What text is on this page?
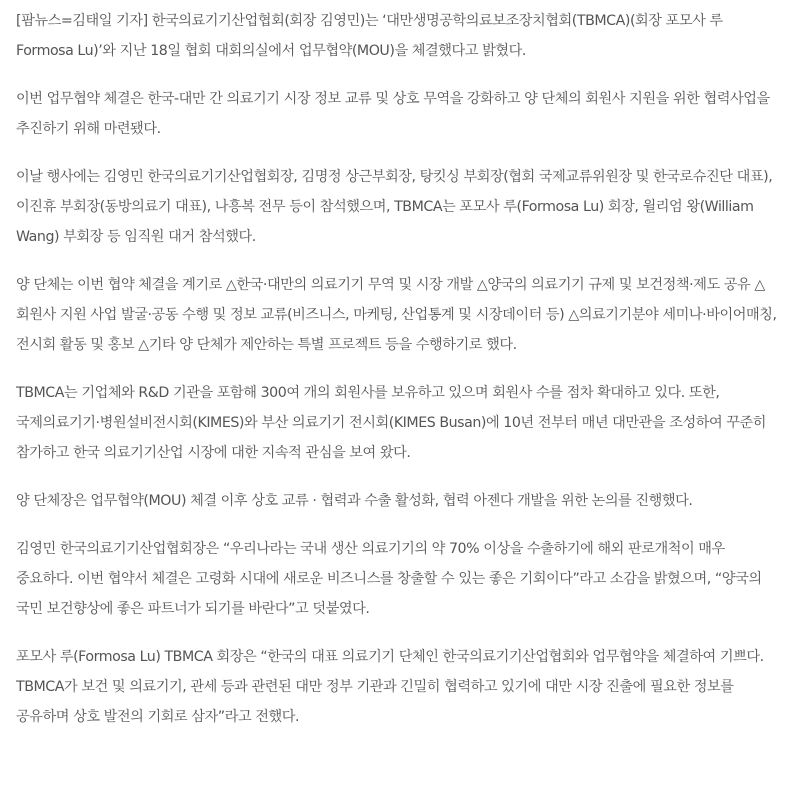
[팜뉴스=김태일 기자] 한국의료기기산업협회(회장 김영민)는 ‘대만생명공학의료보조장치협회(TBMCA)(회장 포모사 루 Formosa Lu)’와 지난 18일 협회 대회의실에서 업무협약(MOU)을 체결했다고 밝혔다.

이번 업무협약 체결은 한국-대만 간 의료기기 시장 정보 교류 및 상호 무역을 강화하고 양 단체의 회원사 지원을 위한 협력사업을 추진하기 위해 마련됐다.

이날 행사에는 김영민 한국의료기기산업협회장, 김명정 상근부회장, 탕킷싱 부회장(협회 국제교류위원장 및 한국로슈진단 대표), 이진휴 부회장(동방의료기 대표), 나흥복 전무 등이 참석했으며, TBMCA는 포모사 루(Formosa Lu) 회장, 윌리엄 왕(William Wang) 부회장 등 임직원 대거 참석했다.

양 단체는 이번 협약 체결을 계기로 △한국·대만의 의료기기 무역 및 시장 개발 △양국의 의료기기 규제 및 보건정책·제도 공유 △회원사 지원 사업 발굴·공동 수행 및 정보 교류(비즈니스, 마케팅, 산업통계 및 시장데이터 등) △의료기기분야 세미나·바이어매칭, 전시회 활동 및 홍보 △기타 양 단체가 제안하는 특별 프로젝트 등을 수행하기로 했다.

TBMCA는 기업체와 R&D 기관을 포함해 300여 개의 회원사를 보유하고 있으며 회원사 수를 점차 확대하고 있다. 또한, 국제의료기기·병원설비전시회(KIMES)와 부산 의료기기 전시회(KIMES Busan)에 10년 전부터 매년 대만관을 조성하여 꾸준히 참가하고 한국 의료기기산업 시장에 대한 지속적 관심을 보여 왔다.

양 단체장은 업무협약(MOU) 체결 이후 상호 교류 · 협력과 수출 활성화, 협력 아젠다 개발을 위한 논의를 진행했다.

김영민 한국의료기기산업협회장은 “우리나라는 국내 생산 의료기기의 약 70% 이상을 수출하기에 해외 판로개척이 매우 중요하다. 이번 협약서 체결은 고령화 시대에 새로운 비즈니스를 창출할 수 있는 좋은 기회이다”라고 소감을 밝혔으며, “양국의 국민 보건향상에 좋은 파트너가 되기를 바란다”고 덧붙였다.

포모사 루(Formosa Lu) TBMCA 회장은 “한국의 대표 의료기기 단체인 한국의료기기산업협회와 업무협약을 체결하여 기쁘다. TBMCA가 보건 및 의료기기, 관세 등과 관련된 대만 정부 기관과 긴밀히 협력하고 있기에 대만 시장 진출에 필요한 정보를 공유하며 상호 발전의 기회로 삼자”라고 전했다.
